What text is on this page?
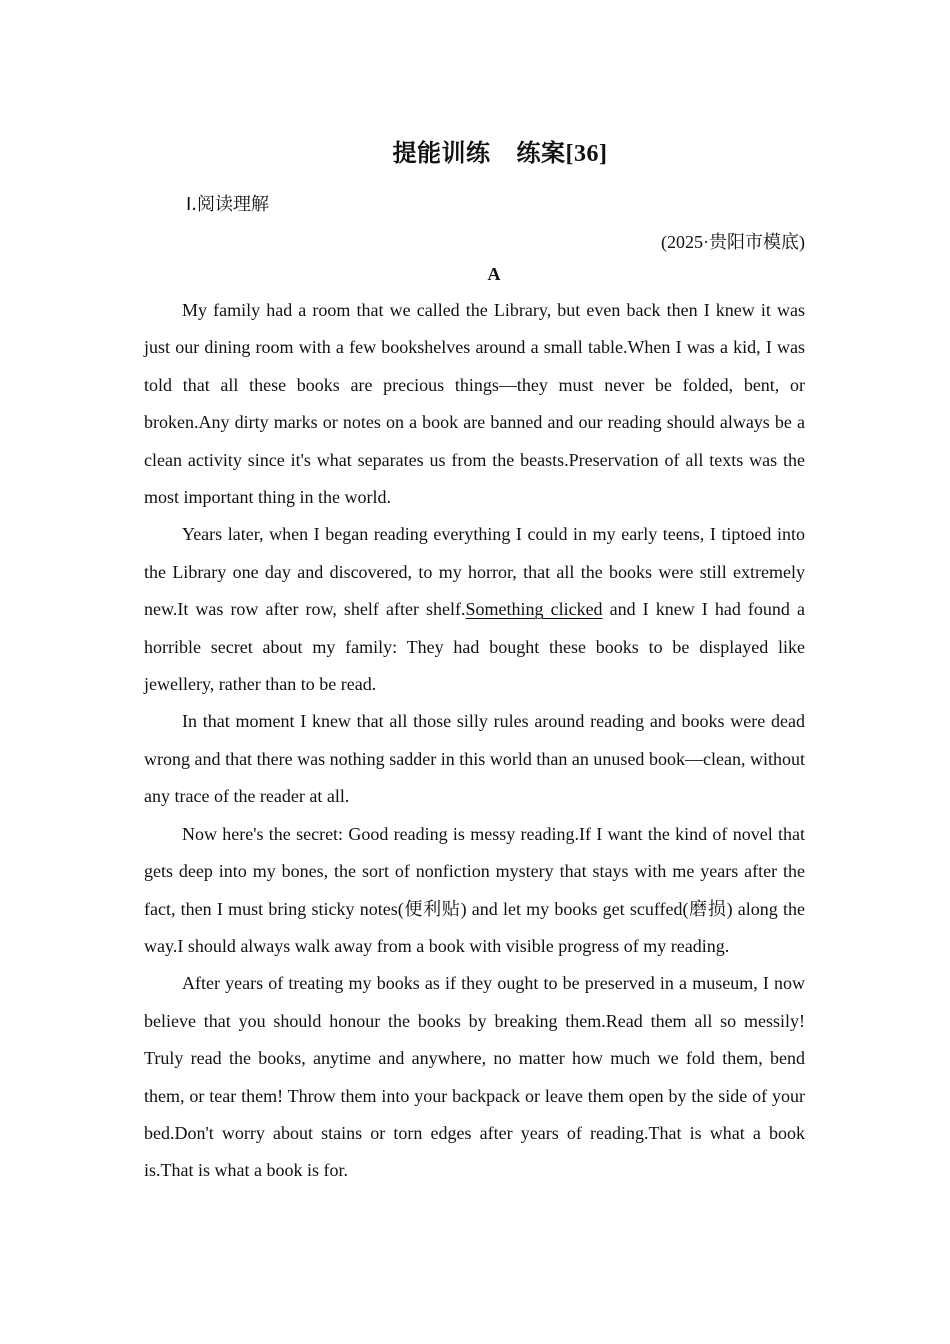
提能训练 练案[36]
Ⅰ.阅读理解
(2025·贵阳市模底)
A

My family had a room that we called the Library, but even back then I knew it was just our dining room with a few bookshelves around a small table.When I was a kid, I was told that all these books are precious things—they must never be folded, bent, or broken.Any dirty marks or notes on a book are banned and our reading should always be a clean activity since it's what separates us from the beasts.Preservation of all texts was the most important thing in the world.

Years later, when I began reading everything I could in my early teens, I tiptoed into the Library one day and discovered, to my horror, that all the books were still extremely new.It was row after row, shelf after shelf.Something clicked and I knew I had found a horrible secret about my family: They had bought these books to be displayed like jewellery, rather than to be read.

In that moment I knew that all those silly rules around reading and books were dead wrong and that there was nothing sadder in this world than an unused book—clean, without any trace of the reader at all.

Now here's the secret: Good reading is messy reading.If I want the kind of novel that gets deep into my bones, the sort of nonfiction mystery that stays with me years after the fact, then I must bring sticky notes(便利贴) and let my books get scuffed(磨损) along the way.I should always walk away from a book with visible progress of my reading.

After years of treating my books as if they ought to be preserved in a museum, I now believe that you should honour the books by breaking them.Read them all so messily! Truly read the books, anytime and anywhere, no matter how much we fold them, bend them, or tear them! Throw them into your backpack or leave them open by the side of your bed.Don't worry about stains or torn edges after years of reading.That is what a book is.That is what a book is for.
